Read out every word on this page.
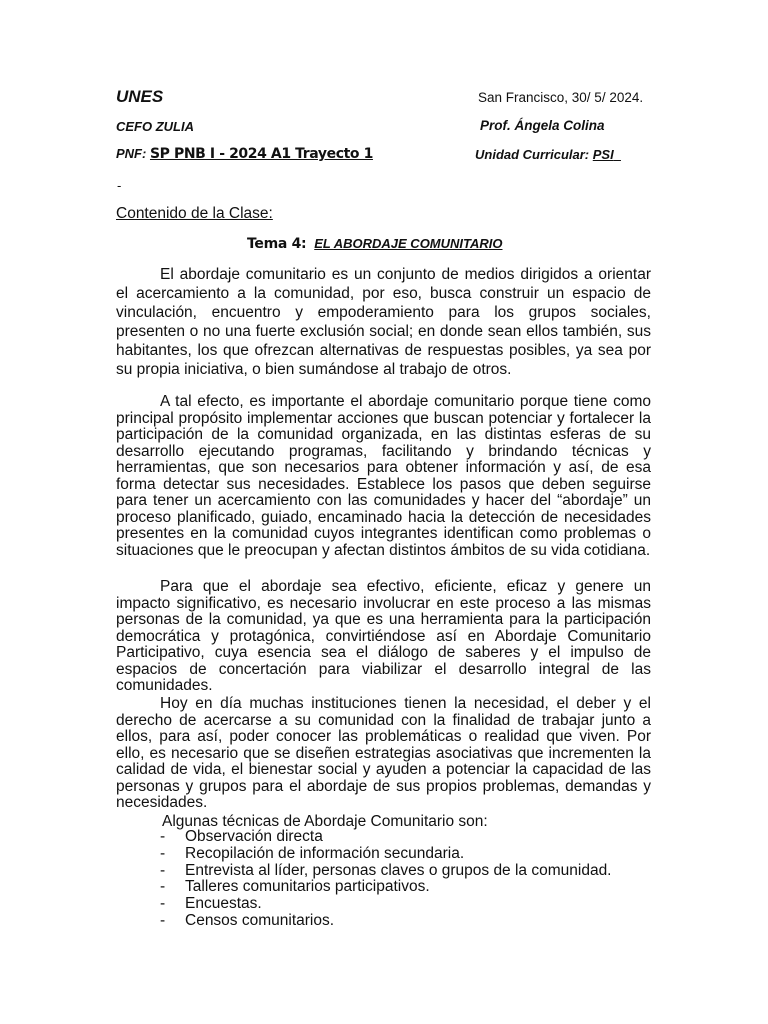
UNES	San Francisco, 30/ 5/ 2024.
CEFO ZULIA	Prof. Ángela Colina
PNF: SP PNB I - 2024 A1 Trayecto 1	Unidad Curricular: PSI
-
Contenido de la Clase:
Tema 4: EL ABORDAJE COMUNITARIO

El abordaje comunitario es un conjunto de medios dirigidos a orientar el acercamiento a la comunidad, por eso, busca construir un espacio de vinculación, encuentro y empoderamiento para los grupos sociales, presenten o no una fuerte exclusión social; en donde sean ellos también, sus habitantes, los que ofrezcan alternativas de respuestas posibles, ya sea por su propia iniciativa, o bien sumándose al trabajo de otros.

A tal efecto, es importante el abordaje comunitario porque tiene como principal propósito implementar acciones que buscan potenciar y fortalecer la participación de la comunidad organizada, en las distintas esferas de su desarrollo ejecutando programas, facilitando y brindando técnicas y herramientas, que son necesarios para obtener información y así, de esa forma detectar sus necesidades. Establece los pasos que deben seguirse para tener un acercamiento con las comunidades y hacer del “abordaje” un proceso planificado, guiado, encaminado hacia la detección de necesidades presentes en la comunidad cuyos integrantes identifican como problemas o situaciones que le preocupan y afectan distintos ámbitos de su vida cotidiana.

Para que el abordaje sea efectivo, eficiente, eficaz y genere un impacto significativo, es necesario involucrar en este proceso a las mismas personas de la comunidad, ya que es una herramienta para la participación democrática y protagónica, convirtiéndose así en Abordaje Comunitario Participativo, cuya esencia sea el diálogo de saberes y el impulso de espacios de concertación para viabilizar el desarrollo integral de las comunidades.

Hoy en día muchas instituciones tienen la necesidad, el deber y el derecho de acercarse a su comunidad con la finalidad de trabajar junto a ellos, para así, poder conocer las problemáticas o realidad que viven. Por ello, es necesario que se diseñen estrategias asociativas que incrementen la calidad de vida, el bienestar social y ayuden a potenciar la capacidad de las personas y grupos para el abordaje de sus propios problemas, demandas y necesidades.

Algunas técnicas de Abordaje Comunitario son:
- Observación directa
- Recopilación de información secundaria.
- Entrevista al líder, personas claves o grupos de la comunidad.
- Talleres comunitarios participativos.
- Encuestas.
- Censos comunitarios.
